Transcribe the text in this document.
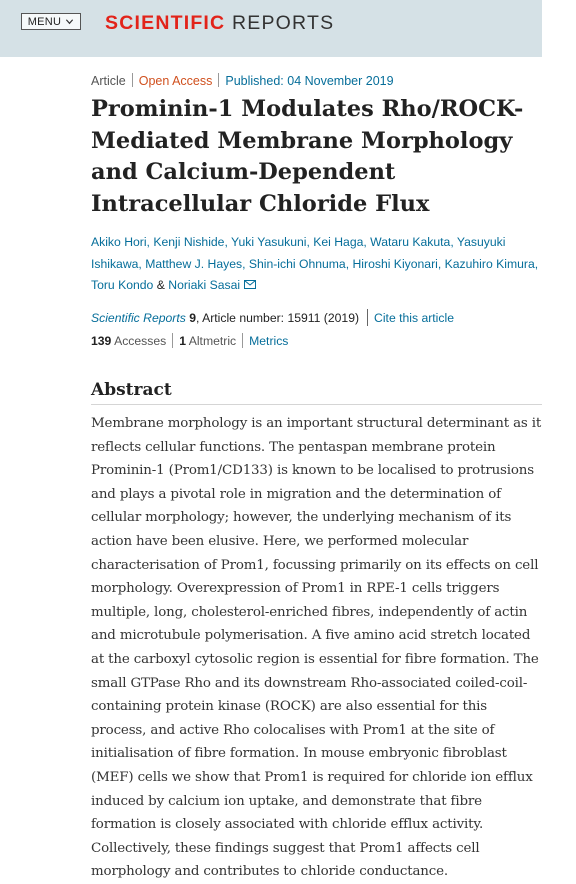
MENU SCIENTIFIC REPORTS
Article Open Access Published: 04 November 2019
Prominin-1 Modulates Rho/ROCK-Mediated Membrane Morphology and Calcium-Dependent Intracellular Chloride Flux
Akiko Hori, Kenji Nishide, Yuki Yasukuni, Kei Haga, Wataru Kakuta, Yasuyuki Ishikawa, Matthew J. Hayes, Shin-ichi Ohnuma, Hiroshi Kiyonari, Kazuhiro Kimura, Toru Kondo & Noriaki Sasai
Scientific Reports 9, Article number: 15911 (2019) Cite this article
139 Accesses 1 Altmetric Metrics
Abstract

Membrane morphology is an important structural determinant as it reflects cellular functions. The pentaspan membrane protein Prominin-1 (Prom1/CD133) is known to be localised to protrusions and plays a pivotal role in migration and the determination of cellular morphology; however, the underlying mechanism of its action have been elusive. Here, we performed molecular characterisation of Prom1, focussing primarily on its effects on cell morphology. Overexpression of Prom1 in RPE-1 cells triggers multiple, long, cholesterol-enriched fibres, independently of actin and microtubule polymerisation. A five amino acid stretch located at the carboxyl cytosolic region is essential for fibre formation. The small GTPase Rho and its downstream Rho-associated coiled-coil-containing protein kinase (ROCK) are also essential for this process, and active Rho colocalises with Prom1 at the site of initialisation of fibre formation. In mouse embryonic fibroblast (MEF) cells we show that Prom1 is required for chloride ion efflux induced by calcium ion uptake, and demonstrate that fibre formation is closely associated with chloride efflux activity. Collectively, these findings suggest that Prom1 affects cell morphology and contributes to chloride conductance.
